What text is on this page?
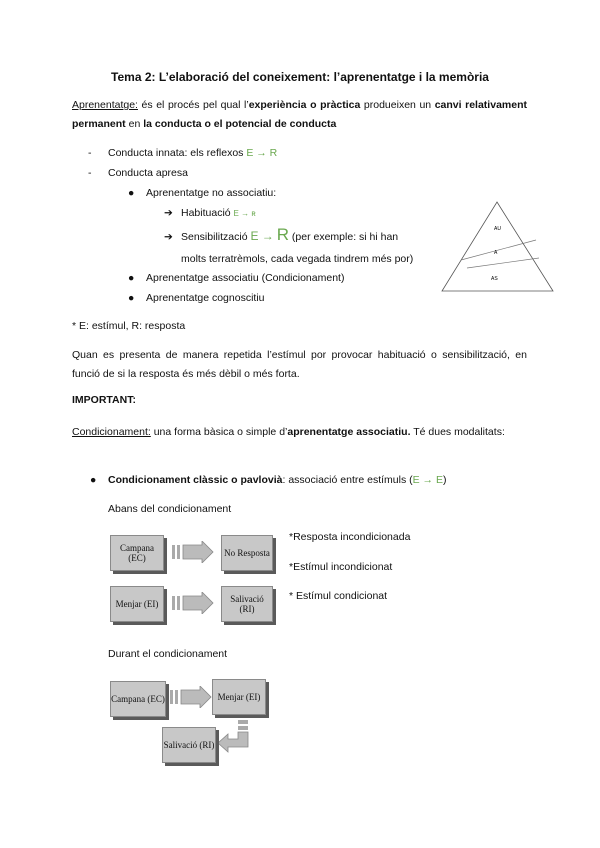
Tema 2: L’elaboració del coneixement: l’aprenentatge i la memòria
Aprenentatge: és el procés pel qual l’experiència o pràctica produeixen un canvi relativament permanent en la conducta o el potencial de conducta
- Conducta innata: els reflexos E → R
- Conducta apresa
● Aprenentatge no associatiu:
➔ Habituació E → ʀ
➔ Sensibilització E → R (per exemple: si hi han
molts terratrèmols, cada vegada tindrem més por)
● Aprenentatge associatiu (Condicionament)
● Aprenentatge cognoscitiu
AU
A
AS
* E: estímul, R: resposta
Quan es presenta de manera repetida l’estímul por provocar habituació o sensibilització, en funció de si la resposta és més dèbil o més forta.
IMPORTANT:
Condicionament: una forma bàsica o simple d’aprenentatge associatiu. Té dues modalitats:
● Condicionament clàssic o pavlovià: associació entre estímuls (E → E)
Abans del condicionament
Campana (EC)	No Resposta
Menjar (EI)	Salivació (RI)
*Resposta incondicionada
*Estímul incondicionat
* Estímul condicionat
Durant el condicionament
Campana (EC)	Menjar (EI)
Salivació (RI)
